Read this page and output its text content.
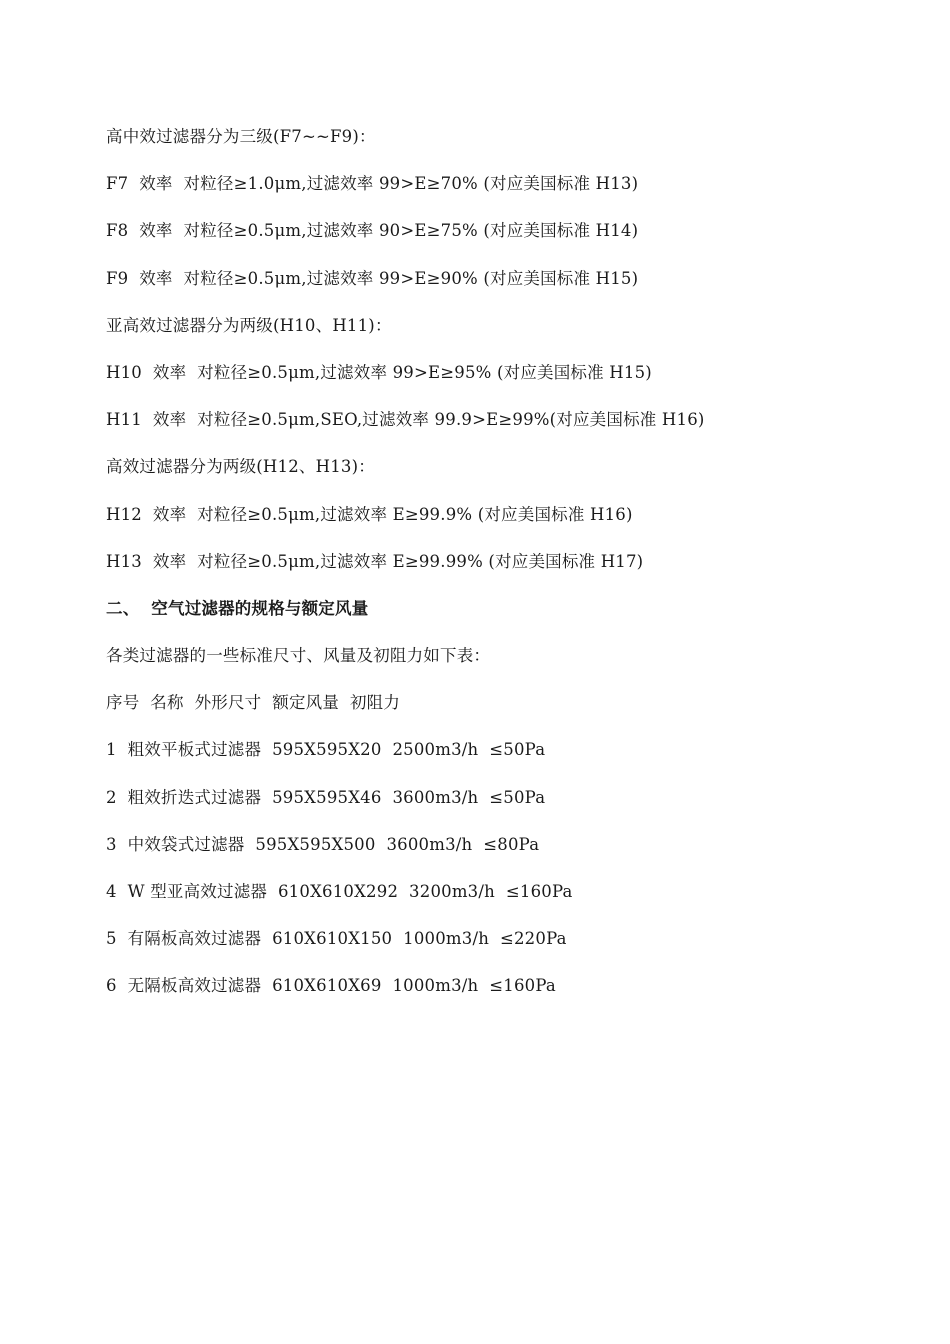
高中效过滤器分为三级(F7~~F9)：
F7  效率  对粒径≥1.0μm,过滤效率 99>E≥70% (对应美国标准 H13)
F8  效率  对粒径≥0.5μm,过滤效率 90>E≥75% (对应美国标准 H14)
F9  效率  对粒径≥0.5μm,过滤效率 99>E≥90% (对应美国标准 H15)
亚高效过滤器分为两级(H10、H11)：
H10  效率  对粒径≥0.5μm,过滤效率 99>E≥95% (对应美国标准 H15)
H11  效率  对粒径≥0.5μm,SEO,过滤效率 99.9>E≥99%(对应美国标准 H16)
高效过滤器分为两级(H12、H13)：
H12  效率  对粒径≥0.5μm,过滤效率 E≥99.9% (对应美国标准 H16)
H13  效率  对粒径≥0.5μm,过滤效率 E≥99.99% (对应美国标准 H17)
二、  空气过滤器的规格与额定风量
各类过滤器的一些标准尺寸、风量及初阻力如下表：
序号  名称  外形尺寸  额定风量  初阻力
1  粗效平板式过滤器  595X595X20  2500m3/h  ≤50Pa
2  粗效折迭式过滤器  595X595X46  3600m3/h  ≤50Pa
3  中效袋式过滤器  595X595X500  3600m3/h  ≤80Pa
4  W 型亚高效过滤器  610X610X292  3200m3/h  ≤160Pa
5  有隔板高效过滤器  610X610X150  1000m3/h  ≤220Pa
6  无隔板高效过滤器  610X610X69  1000m3/h  ≤160Pa
